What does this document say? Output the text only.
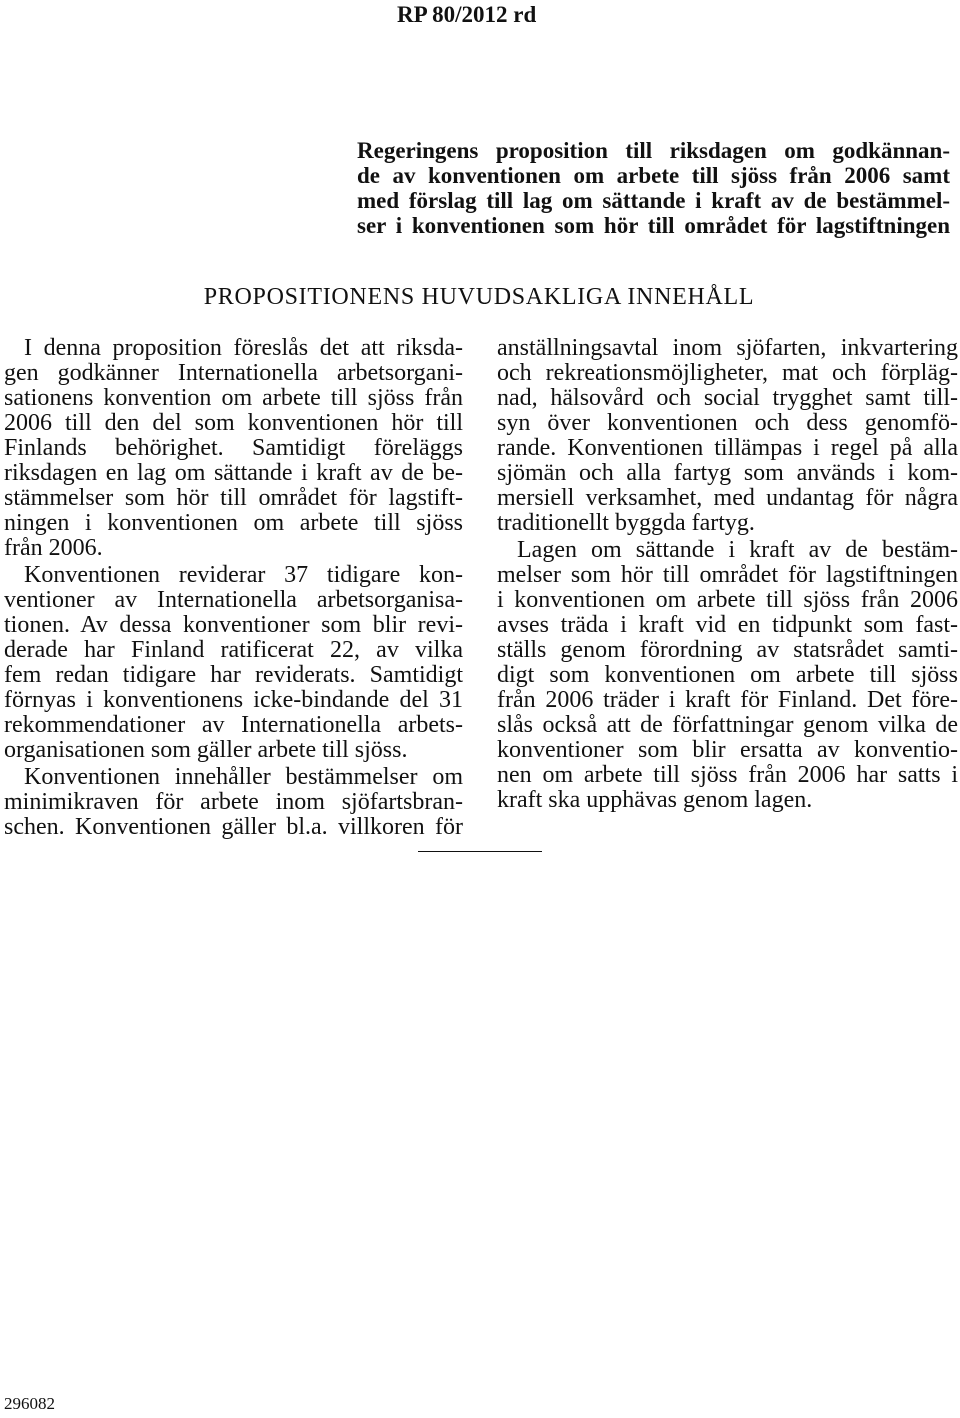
RP 80/2012 rd
Regeringens proposition till riksdagen om godkännan-
de av konventionen om arbete till sjöss från 2006 samt
med förslag till lag om sättande i kraft av de bestämmel-
ser i konventionen som hör till området för lagstiftningen
PROPOSITIONENS HUVUDSAKLIGA INNEHÅLL
I denna proposition föreslås det att riksda-
gen godkänner Internationella arbetsorgani-
sationens konvention om arbete till sjöss från
2006 till den del som konventionen hör till
Finlands behörighet. Samtidigt föreläggs
riksdagen en lag om sättande i kraft av de be-
stämmelser som hör till området för lagstift-
ningen i konventionen om arbete till sjöss
från 2006.
Konventionen reviderar 37 tidigare kon-
ventioner av Internationella arbetsorganisa-
tionen. Av dessa konventioner som blir revi-
derade har Finland ratificerat 22, av vilka
fem redan tidigare har reviderats. Samtidigt
förnyas i konventionens icke-bindande del 31
rekommendationer av Internationella arbets-
organisationen som gäller arbete till sjöss.
Konventionen innehåller bestämmelser om
minimikraven för arbete inom sjöfartsbran-
schen. Konventionen gäller bl.a. villkoren för
anställningsavtal inom sjöfarten, inkvartering
och rekreationsmöjligheter, mat och förpläg-
nad, hälsovård och social trygghet samt till-
syn över konventionen och dess genomfö-
rande. Konventionen tillämpas i regel på alla
sjömän och alla fartyg som används i kom-
mersiell verksamhet, med undantag för några
traditionellt byggda fartyg.
Lagen om sättande i kraft av de bestäm-
melser som hör till området för lagstiftningen
i konventionen om arbete till sjöss från 2006
avses träda i kraft vid en tidpunkt som fast-
ställs genom förordning av statsrådet samti-
digt som konventionen om arbete till sjöss
från 2006 träder i kraft för Finland. Det före-
slås också att de författningar genom vilka de
konventioner som blir ersatta av konventio-
nen om arbete till sjöss från 2006 har satts i
kraft ska upphävas genom lagen.
296082
